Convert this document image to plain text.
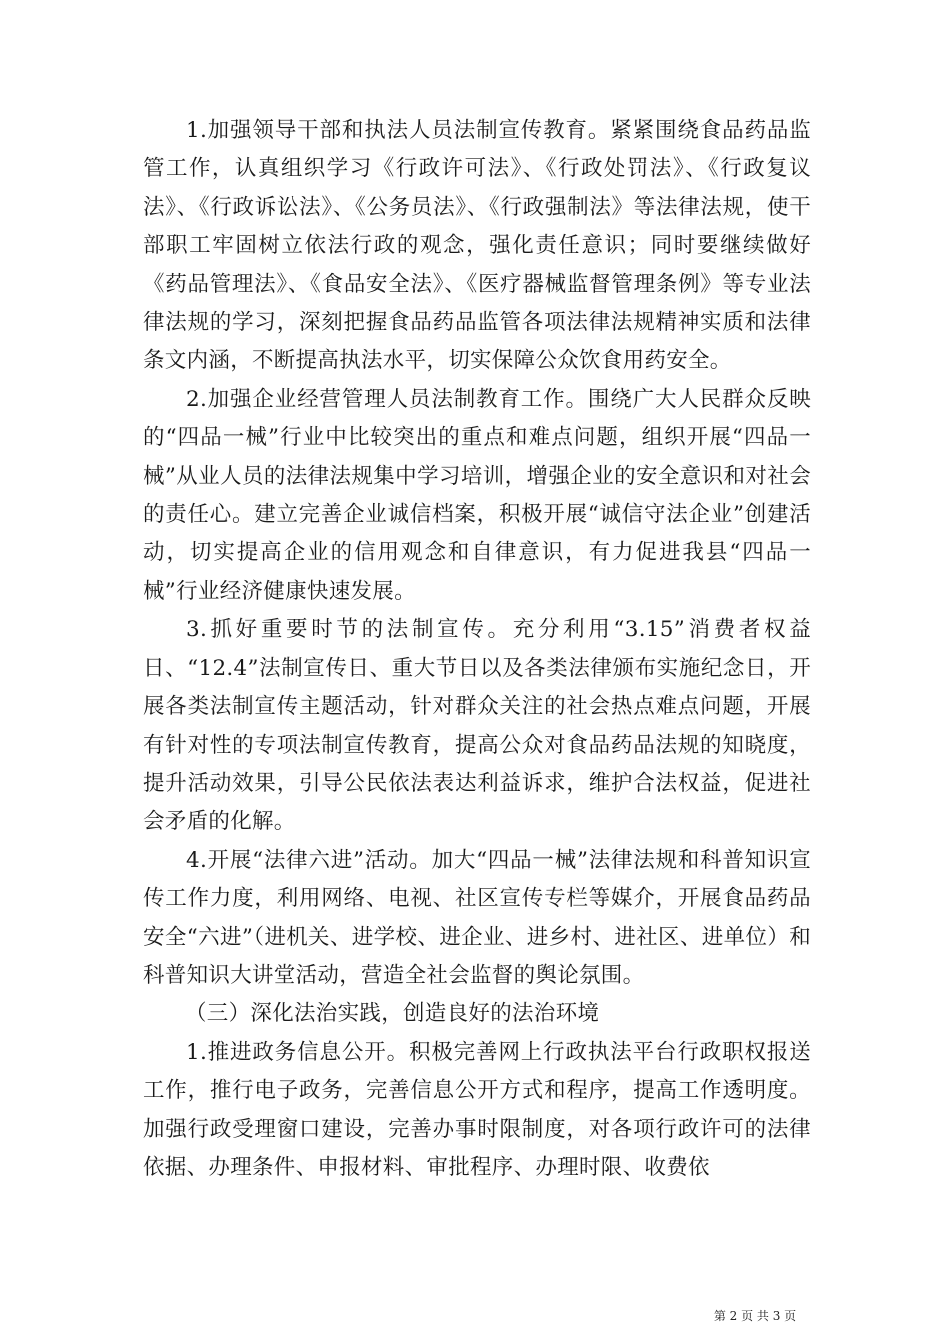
1.加强领导干部和执法人员法制宣传教育。紧紧围绕食品药品监管工作，认真组织学习《行政许可法》、《行政处罚法》、《行政复议法》、《行政诉讼法》、《公务员法》、《行政强制法》等法律法规，使干部职工牢固树立依法行政的观念，强化责任意识；同时要继续做好《药品管理法》、《食品安全法》、《医疗器械监督管理条例》等专业法律法规的学习，深刻把握食品药品监管各项法律法规精神实质和法律条文内涵，不断提高执法水平，切实保障公众饮食用药安全。

2.加强企业经营管理人员法制教育工作。围绕广大人民群众反映的“四品一械”行业中比较突出的重点和难点问题，组织开展“四品一械”从业人员的法律法规集中学习培训，增强企业的安全意识和对社会的责任心。建立完善企业诚信档案，积极开展“诚信守法企业”创建活动，切实提高企业的信用观念和自律意识，有力促进我县“四品一械”行业经济健康快速发展。

3.抓好重要时节的法制宣传。充分利用“3.15”消费者权益日、“12.4”法制宣传日、重大节日以及各类法律颁布实施纪念日，开展各类法制宣传主题活动，针对群众关注的社会热点难点问题，开展有针对性的专项法制宣传教育，提高公众对食品药品法规的知晓度，提升活动效果，引导公民依法表达利益诉求，维护合法权益，促进社会矛盾的化解。

4.开展“法律六进”活动。加大“四品一械”法律法规和科普知识宣传工作力度，利用网络、电视、社区宣传专栏等媒介，开展食品药品安全“六进”（进机关、进学校、进企业、进乡村、进社区、进单位）和科普知识大讲堂活动，营造全社会监督的舆论氛围。

（三）深化法治实践，创造良好的法治环境

1.推进政务信息公开。积极完善网上行政执法平台行政职权报送工作，推行电子政务，完善信息公开方式和程序，提高工作透明度。加强行政受理窗口建设，完善办事时限制度，对各项行政许可的法律依据、办理条件、申报材料、审批程序、办理时限、收费依

第 2 页 共 3 页
